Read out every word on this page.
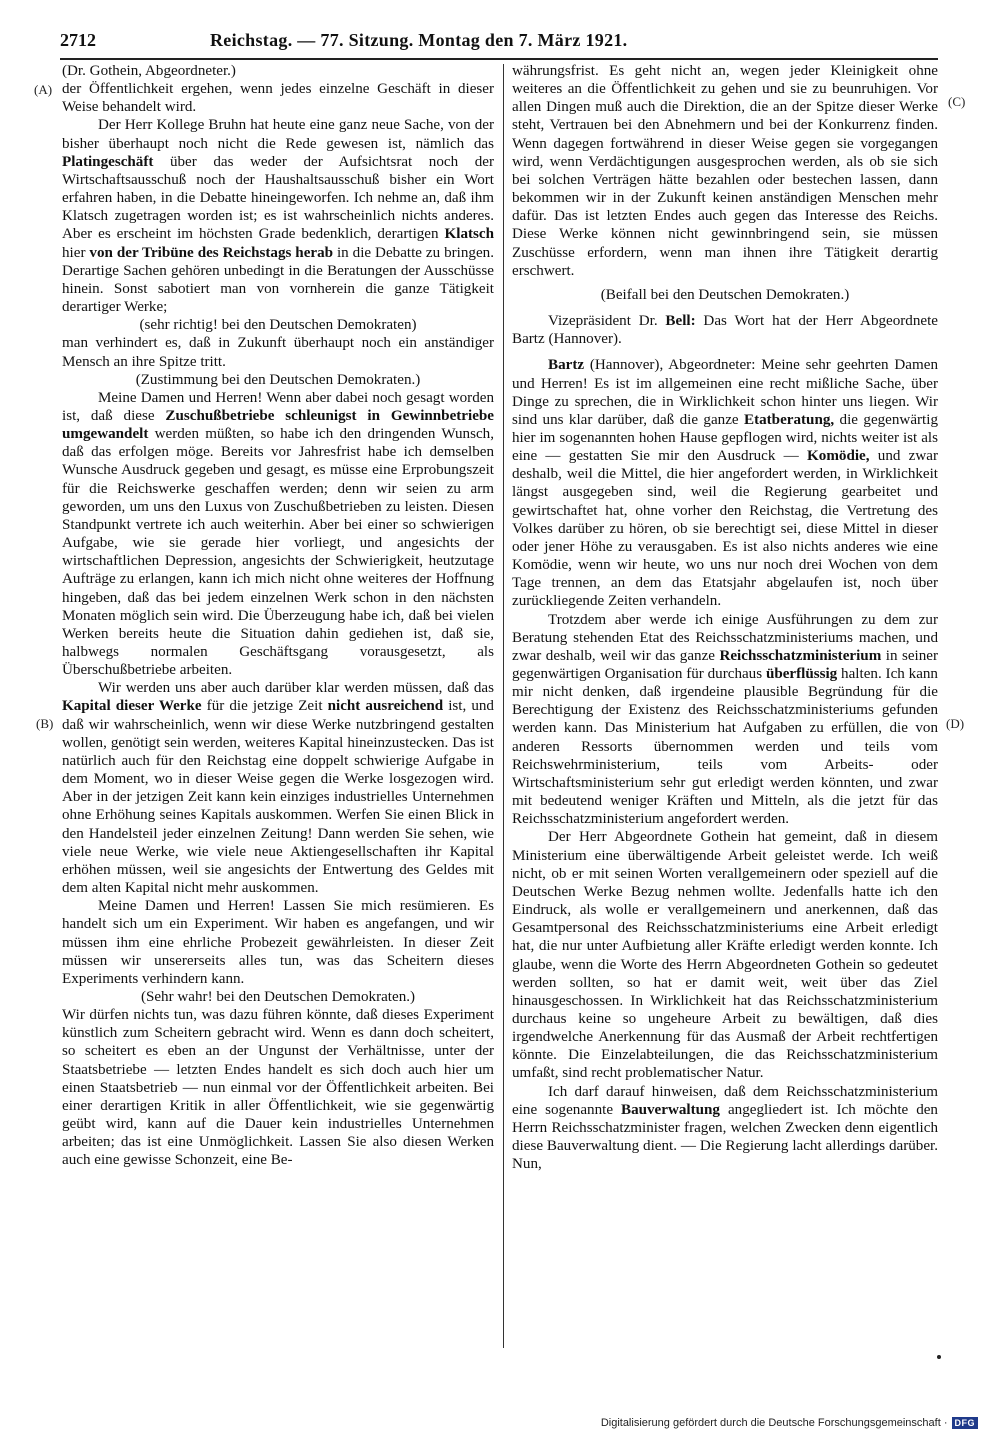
2712	Reichstag. — 77. Sitzung. Montag den 7. März 1921.
(A)
(B)
(C)
(D)

(Dr. Gothein, Abgeordneter.)

der Öffentlichkeit ergehen, wenn jedes einzelne Geschäft in dieser Weise behandelt wird.

Der Herr Kollege Bruhn hat heute eine ganz neue Sache, von der bisher überhaupt noch nicht die Rede gewesen ist, nämlich das Platingeschäft über das weder der Aufsichtsrat noch der Wirtschaftsausschuß noch der Haushaltsausschuß bisher ein Wort erfahren haben, in die Debatte hineingeworfen. Ich nehme an, daß ihm Klatsch zugetragen worden ist; es ist wahrscheinlich nichts anderes. Aber es erscheint im höchsten Grade bedenklich, derartigen Klatsch hier von der Tribüne des Reichstags herab in die Debatte zu bringen. Derartige Sachen gehören unbedingt in die Beratungen der Ausschüsse hinein. Sonst sabotiert man von vornherein die ganze Tätigkeit derartiger Werke;

(sehr richtig! bei den Deutschen Demokraten)

man verhindert es, daß in Zukunft überhaupt noch ein anständiger Mensch an ihre Spitze tritt.

(Zustimmung bei den Deutschen Demokraten.)

Meine Damen und Herren! Wenn aber dabei noch gesagt worden ist, daß diese Zuschußbetriebe schleunigst in Gewinnbetriebe umgewandelt werden müßten, so habe ich den dringenden Wunsch, daß das erfolgen möge. Bereits vor Jahresfrist habe ich demselben Wunsche Ausdruck gegeben und gesagt, es müsse eine Erprobungszeit für die Reichswerke geschaffen werden; denn wir seien zu arm geworden, um uns den Luxus von Zuschußbetrieben zu leisten. Diesen Standpunkt vertrete ich auch weiterhin. Aber bei einer so schwierigen Aufgabe, wie sie gerade hier vorliegt, und angesichts der wirtschaftlichen Depression, angesichts der Schwierigkeit, heutzutage Aufträge zu erlangen, kann ich mich nicht ohne weiteres der Hoffnung hingeben, daß das bei jedem einzelnen Werk schon in den nächsten Monaten möglich sein wird. Die Überzeugung habe ich, daß bei vielen Werken bereits heute die Situation dahin gediehen ist, daß sie, halbwegs normalen Geschäftsgang vorausgesetzt, als Überschußbetriebe arbeiten.

Wir werden uns aber auch darüber klar werden müssen, daß das Kapital dieser Werke für die jetzige Zeit nicht ausreichend ist, und daß wir wahrscheinlich, wenn wir diese Werke nutzbringend gestalten wollen, genötigt sein werden, weiteres Kapital hineinzustecken. Das ist natürlich auch für den Reichstag eine doppelt schwierige Aufgabe in dem Moment, wo in dieser Weise gegen die Werke losgezogen wird. Aber in der jetzigen Zeit kann kein einziges industrielles Unternehmen ohne Erhöhung seines Kapitals auskommen. Werfen Sie einen Blick in den Handelsteil jeder einzelnen Zeitung! Dann werden Sie sehen, wie viele neue Werke, wie viele neue Aktiengesellschaften ihr Kapital erhöhen müssen, weil sie angesichts der Entwertung des Geldes mit dem alten Kapital nicht mehr auskommen.

Meine Damen und Herren! Lassen Sie mich resümieren. Es handelt sich um ein Experiment. Wir haben es angefangen, und wir müssen ihm eine ehrliche Probezeit gewährleisten. In dieser Zeit müssen wir unsererseits alles tun, was das Scheitern dieses Experiments verhindern kann.

(Sehr wahr! bei den Deutschen Demokraten.)

Wir dürfen nichts tun, was dazu führen könnte, daß dieses Experiment künstlich zum Scheitern gebracht wird. Wenn es dann doch scheitert, so scheitert es eben an der Ungunst der Verhältnisse, unter der Staatsbetriebe — letzten Endes handelt es sich doch auch hier um einen Staatsbetrieb — nun einmal vor der Öffentlichkeit arbeiten. Bei einer derartigen Kritik in aller Öffentlichkeit, wie sie gegenwärtig geübt wird, kann auf die Dauer kein industrielles Unternehmen arbeiten; das ist eine Unmöglichkeit. Lassen Sie also diesen Werken auch eine gewisse Schonzeit, eine Be-

währungsfrist. Es geht nicht an, wegen jeder Kleinigkeit ohne weiteres an die Öffentlichkeit zu gehen und sie zu beunruhigen. Vor allen Dingen muß auch die Direktion, die an der Spitze dieser Werke steht, Vertrauen bei den Abnehmern und bei der Konkurrenz finden. Wenn dagegen fortwährend in dieser Weise gegen sie vorgegangen wird, wenn Verdächtigungen ausgesprochen werden, als ob sie sich bei solchen Verträgen hätte bezahlen oder bestechen lassen, dann bekommen wir in der Zukunft keinen anständigen Menschen mehr dafür. Das ist letzten Endes auch gegen das Interesse des Reichs. Diese Werke können nicht gewinnbringend sein, sie müssen Zuschüsse erfordern, wenn man ihnen ihre Tätigkeit derartig erschwert.

(Beifall bei den Deutschen Demokraten.)

Vizepräsident Dr. Bell: Das Wort hat der Herr Abgeordnete Bartz (Hannover).

Bartz (Hannover), Abgeordneter: Meine sehr geehrten Damen und Herren! Es ist im allgemeinen eine recht mißliche Sache, über Dinge zu sprechen, die in Wirklichkeit schon hinter uns liegen. Wir sind uns klar darüber, daß die ganze Etatberatung, die gegenwärtig hier im sogenannten hohen Hause gepflogen wird, nichts weiter ist als eine — gestatten Sie mir den Ausdruck — Komödie, und zwar deshalb, weil die Mittel, die hier angefordert werden, in Wirklichkeit längst ausgegeben sind, weil die Regierung gearbeitet und gewirtschaftet hat, ohne vorher den Reichstag, die Vertretung des Volkes darüber zu hören, ob sie berechtigt sei, diese Mittel in dieser oder jener Höhe zu verausgaben. Es ist also nichts anderes wie eine Komödie, wenn wir heute, wo uns nur noch drei Wochen von dem Tage trennen, an dem das Etatsjahr abgelaufen ist, noch über zurückliegende Zeiten verhandeln.

Trotzdem aber werde ich einige Ausführungen zu dem zur Beratung stehenden Etat des Reichsschatzministeriums machen, und zwar deshalb, weil wir das ganze Reichsschatzministerium in seiner gegenwärtigen Organisation für durchaus überflüssig halten. Ich kann mir nicht denken, daß irgendeine plausible Begründung für die Berechtigung der Existenz des Reichsschatzministeriums gefunden werden kann. Das Ministerium hat Aufgaben zu erfüllen, die von anderen Ressorts übernommen werden und teils vom Reichswehrministerium, teils vom Arbeits- oder Wirtschaftsministerium sehr gut erledigt werden könnten, und zwar mit bedeutend weniger Kräften und Mitteln, als die jetzt für das Reichsschatzministerium angefordert werden.

Der Herr Abgeordnete Gothein hat gemeint, daß in diesem Ministerium eine überwältigende Arbeit geleistet werde. Ich weiß nicht, ob er mit seinen Worten verallgemeinern oder speziell auf die Deutschen Werke Bezug nehmen wollte. Jedenfalls hatte ich den Eindruck, als wolle er verallgemeinern und anerkennen, daß das Gesamtpersonal des Reichsschatzministeriums eine Arbeit erledigt hat, die nur unter Aufbietung aller Kräfte erledigt werden konnte. Ich glaube, wenn die Worte des Herrn Abgeordneten Gothein so gedeutet werden sollten, so hat er damit weit, weit über das Ziel hinausgeschossen. In Wirklichkeit hat das Reichsschatzministerium durchaus keine so ungeheure Arbeit zu bewältigen, daß dies irgendwelche Anerkennung für das Ausmaß der Arbeit rechtfertigen könnte. Die Einzelabteilungen, die das Reichsschatzministerium umfaßt, sind recht problematischer Natur.

Ich darf darauf hinweisen, daß dem Reichsschatzministerium eine sogenannte Bauverwaltung angegliedert ist. Ich möchte den Herrn Reichsschatzminister fragen, welchen Zwecken denn eigentlich diese Bauverwaltung dient. — Die Regierung lacht allerdings darüber. Nun,

Digitalisierung gefördert durch die Deutsche Forschungsgemeinschaft · DFG
